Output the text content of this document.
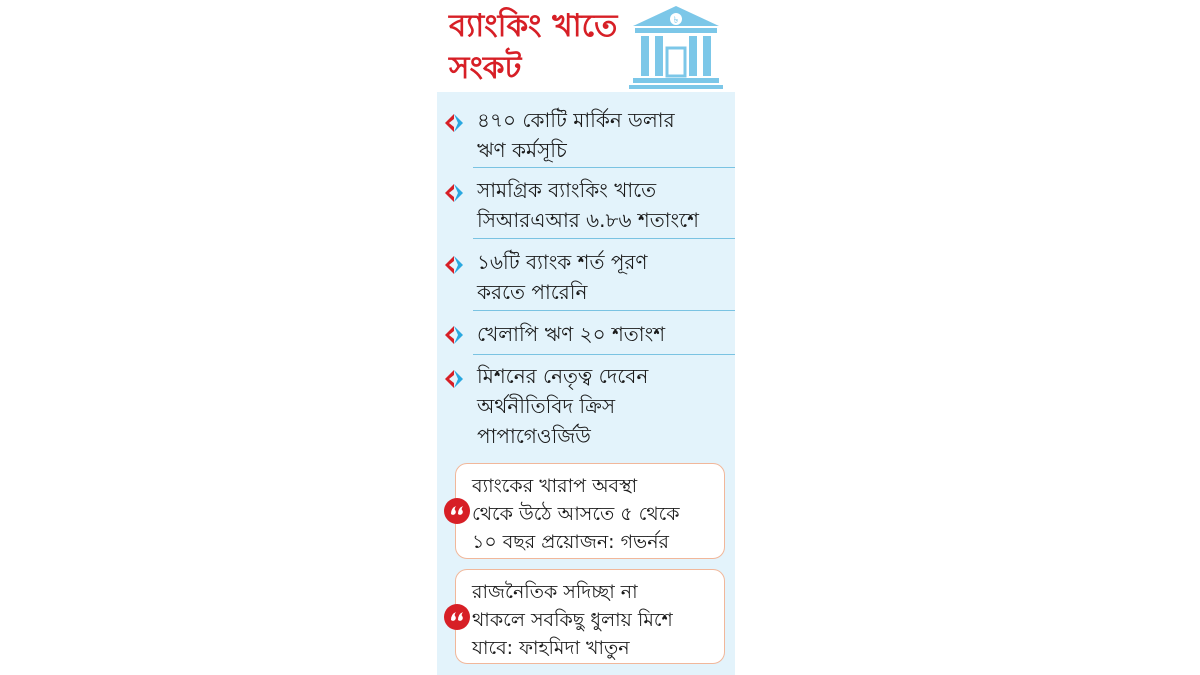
ব্যাংকিং খাতে
সংকট
৳
৪৭০ কোটি মার্কিন ডলার
ঋণ কর্মসূচি
সামগ্রিক ব্যাংকিং খাতে
সিআরএআর ৬.৮৬ শতাংশে
১৬টি ব্যাংক শর্ত পূরণ
করতে পারেনি
খেলাপি ঋণ ২০ শতাংশ
মিশনের নেতৃত্ব দেবেন
অর্থনীতিবিদ ক্রিস
পাপাগেওর্জিউ
ব্যাংকের খারাপ অবস্থা
থেকে উঠে আসতে ৫ থেকে
১০ বছর প্রয়োজন: গভর্নর
রাজনৈতিক সদিচ্ছা না
থাকলে সবকিছু ধুলায় মিশে
যাবে: ফাহমিদা খাতুন
